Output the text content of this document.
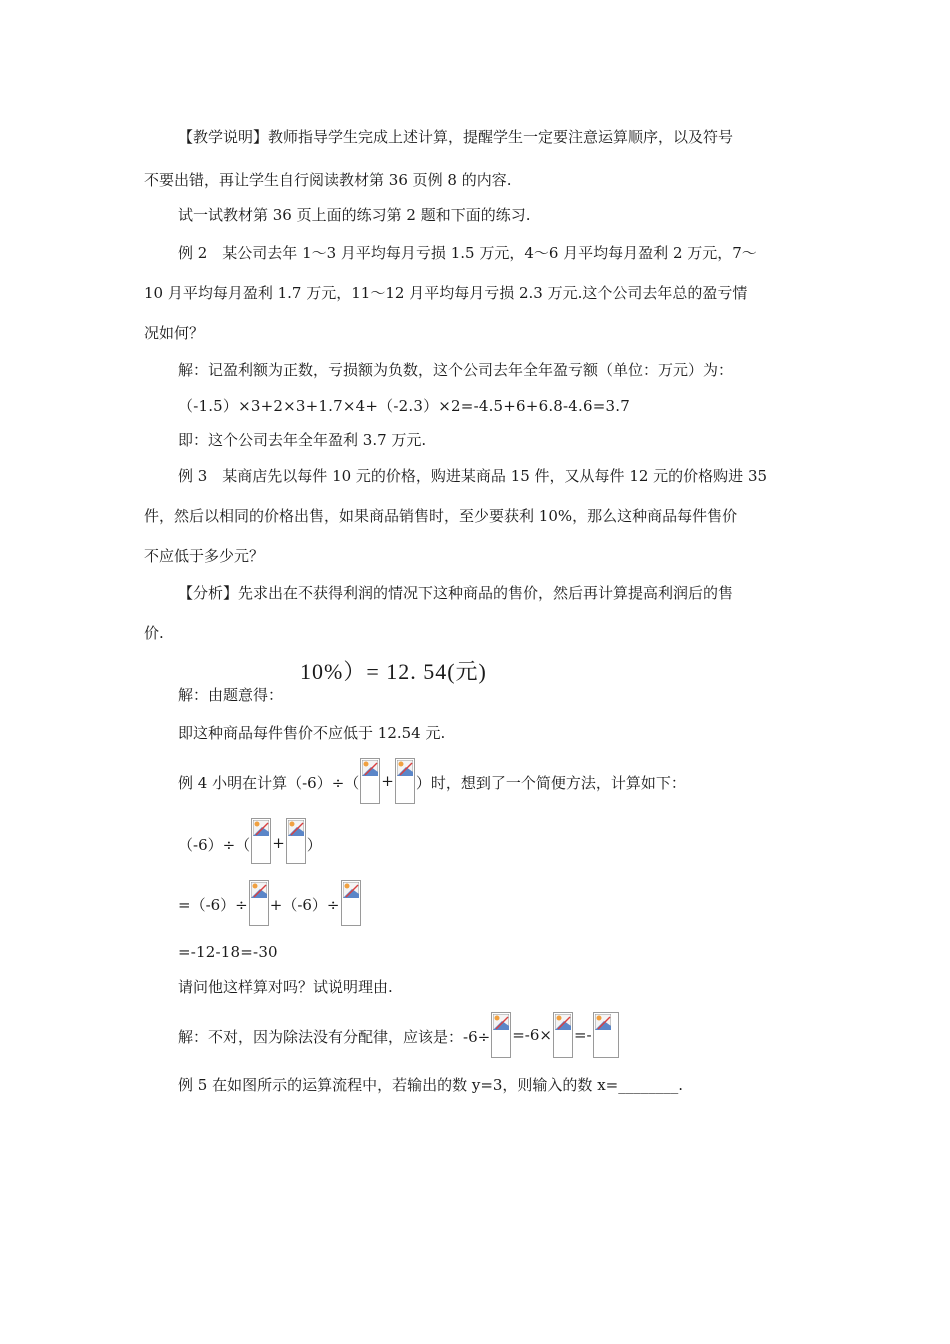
【教学说明】教师指导学生完成上述计算，提醒学生一定要注意运算顺序，以及符号
不要出错，再让学生自行阅读教材第 36 页例 8 的内容.
试一试教材第 36 页上面的练习第 2 题和下面的练习.
例 2　某公司去年 1～3 月平均每月亏损 1.5 万元，4～6 月平均每月盈利 2 万元，7～
10 月平均每月盈利 1.7 万元，11～12 月平均每月亏损 2.3 万元.这个公司去年总的盈亏情
况如何？
解：记盈利额为正数，亏损额为负数，这个公司去年全年盈亏额（单位：万元）为：
（-1.5）×3+2×3+1.7×4+（-2.3）×2=-4.5+6+6.8-4.6=3.7
即：这个公司去年全年盈利 3.7 万元.
例 3　某商店先以每件 10 元的价格，购进某商品 15 件，又从每件 12 元的价格购进 35
件，然后以相同的价格出售，如果商品销售时，至少要获利 10%，那么这种商品每件售价
不应低于多少元？
【分析】先求出在不获得利润的情况下这种商品的售价，然后再计算提高利润后的售
价.
10%）= 12. 54(元)
解：由题意得：
即这种商品每件售价不应低于 12.54 元.
例 4 小明在计算（-6）÷（ + ）时，想到了一个简便方法，计算如下：
（-6）÷（ + ）
=（-6）÷ +（-6）÷
=-12-18=-30
请问他这样算对吗？试说明理由.
解：不对，因为除法没有分配律，应该是：-6÷ =-6× =-
例 5 在如图所示的运算流程中，若输出的数 y=3，则输入的数 x=________.
